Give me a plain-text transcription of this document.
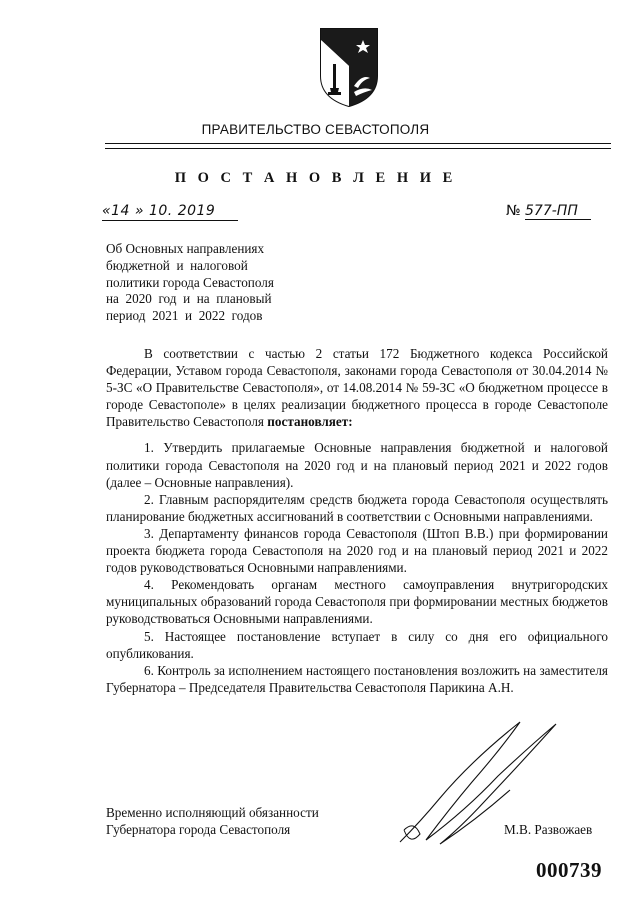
ПРАВИТЕЛЬСТВО СЕВАСТОПОЛЯ
П О С Т А Н О В Л Е Н И Е
«14 » 10. 2019	№ 577-ПП
Об Основных направлениях
бюджетной  и  налоговой
политики города Севастополя
на  2020  год  и  на  плановый
период  2021  и  2022  годов

В соответствии с частью 2 статьи 172 Бюджетного кодекса Российской Федерации, Уставом города Севастополя, законами города Севастополя от 30.04.2014 № 5-ЗС «О Правительстве Севастополя», от 14.08.2014 № 59-ЗС «О бюджетном процессе в городе Севастополе» в целях реализации бюджетного процесса в городе Севастополе Правительство Севастополя постановляет:

1. Утвердить прилагаемые Основные направления бюджетной и налоговой политики города Севастополя на 2020 год и на плановый период 2021 и 2022 годов (далее – Основные направления).

2. Главным распорядителям средств бюджета города Севастополя осуществлять планирование бюджетных ассигнований в соответствии с Основными направлениями.

3. Департаменту финансов города Севастополя (Штоп В.В.) при формировании проекта бюджета города Севастополя на 2020 год и на плановый период 2021 и 2022 годов руководствоваться Основными направлениями.

4. Рекомендовать органам местного самоуправления внутригородских муниципальных образований города Севастополя при формировании местных бюджетов руководствоваться Основными направлениями.

5. Настоящее постановление вступает в силу со дня его официального опубликования.

6. Контроль за исполнением настоящего постановления возложить на заместителя Губернатора – Председателя Правительства Севастополя Парикина А.Н.

Временно исполняющий обязанности
Губернатора города Севастополя	М.В. Развожаев
000739
